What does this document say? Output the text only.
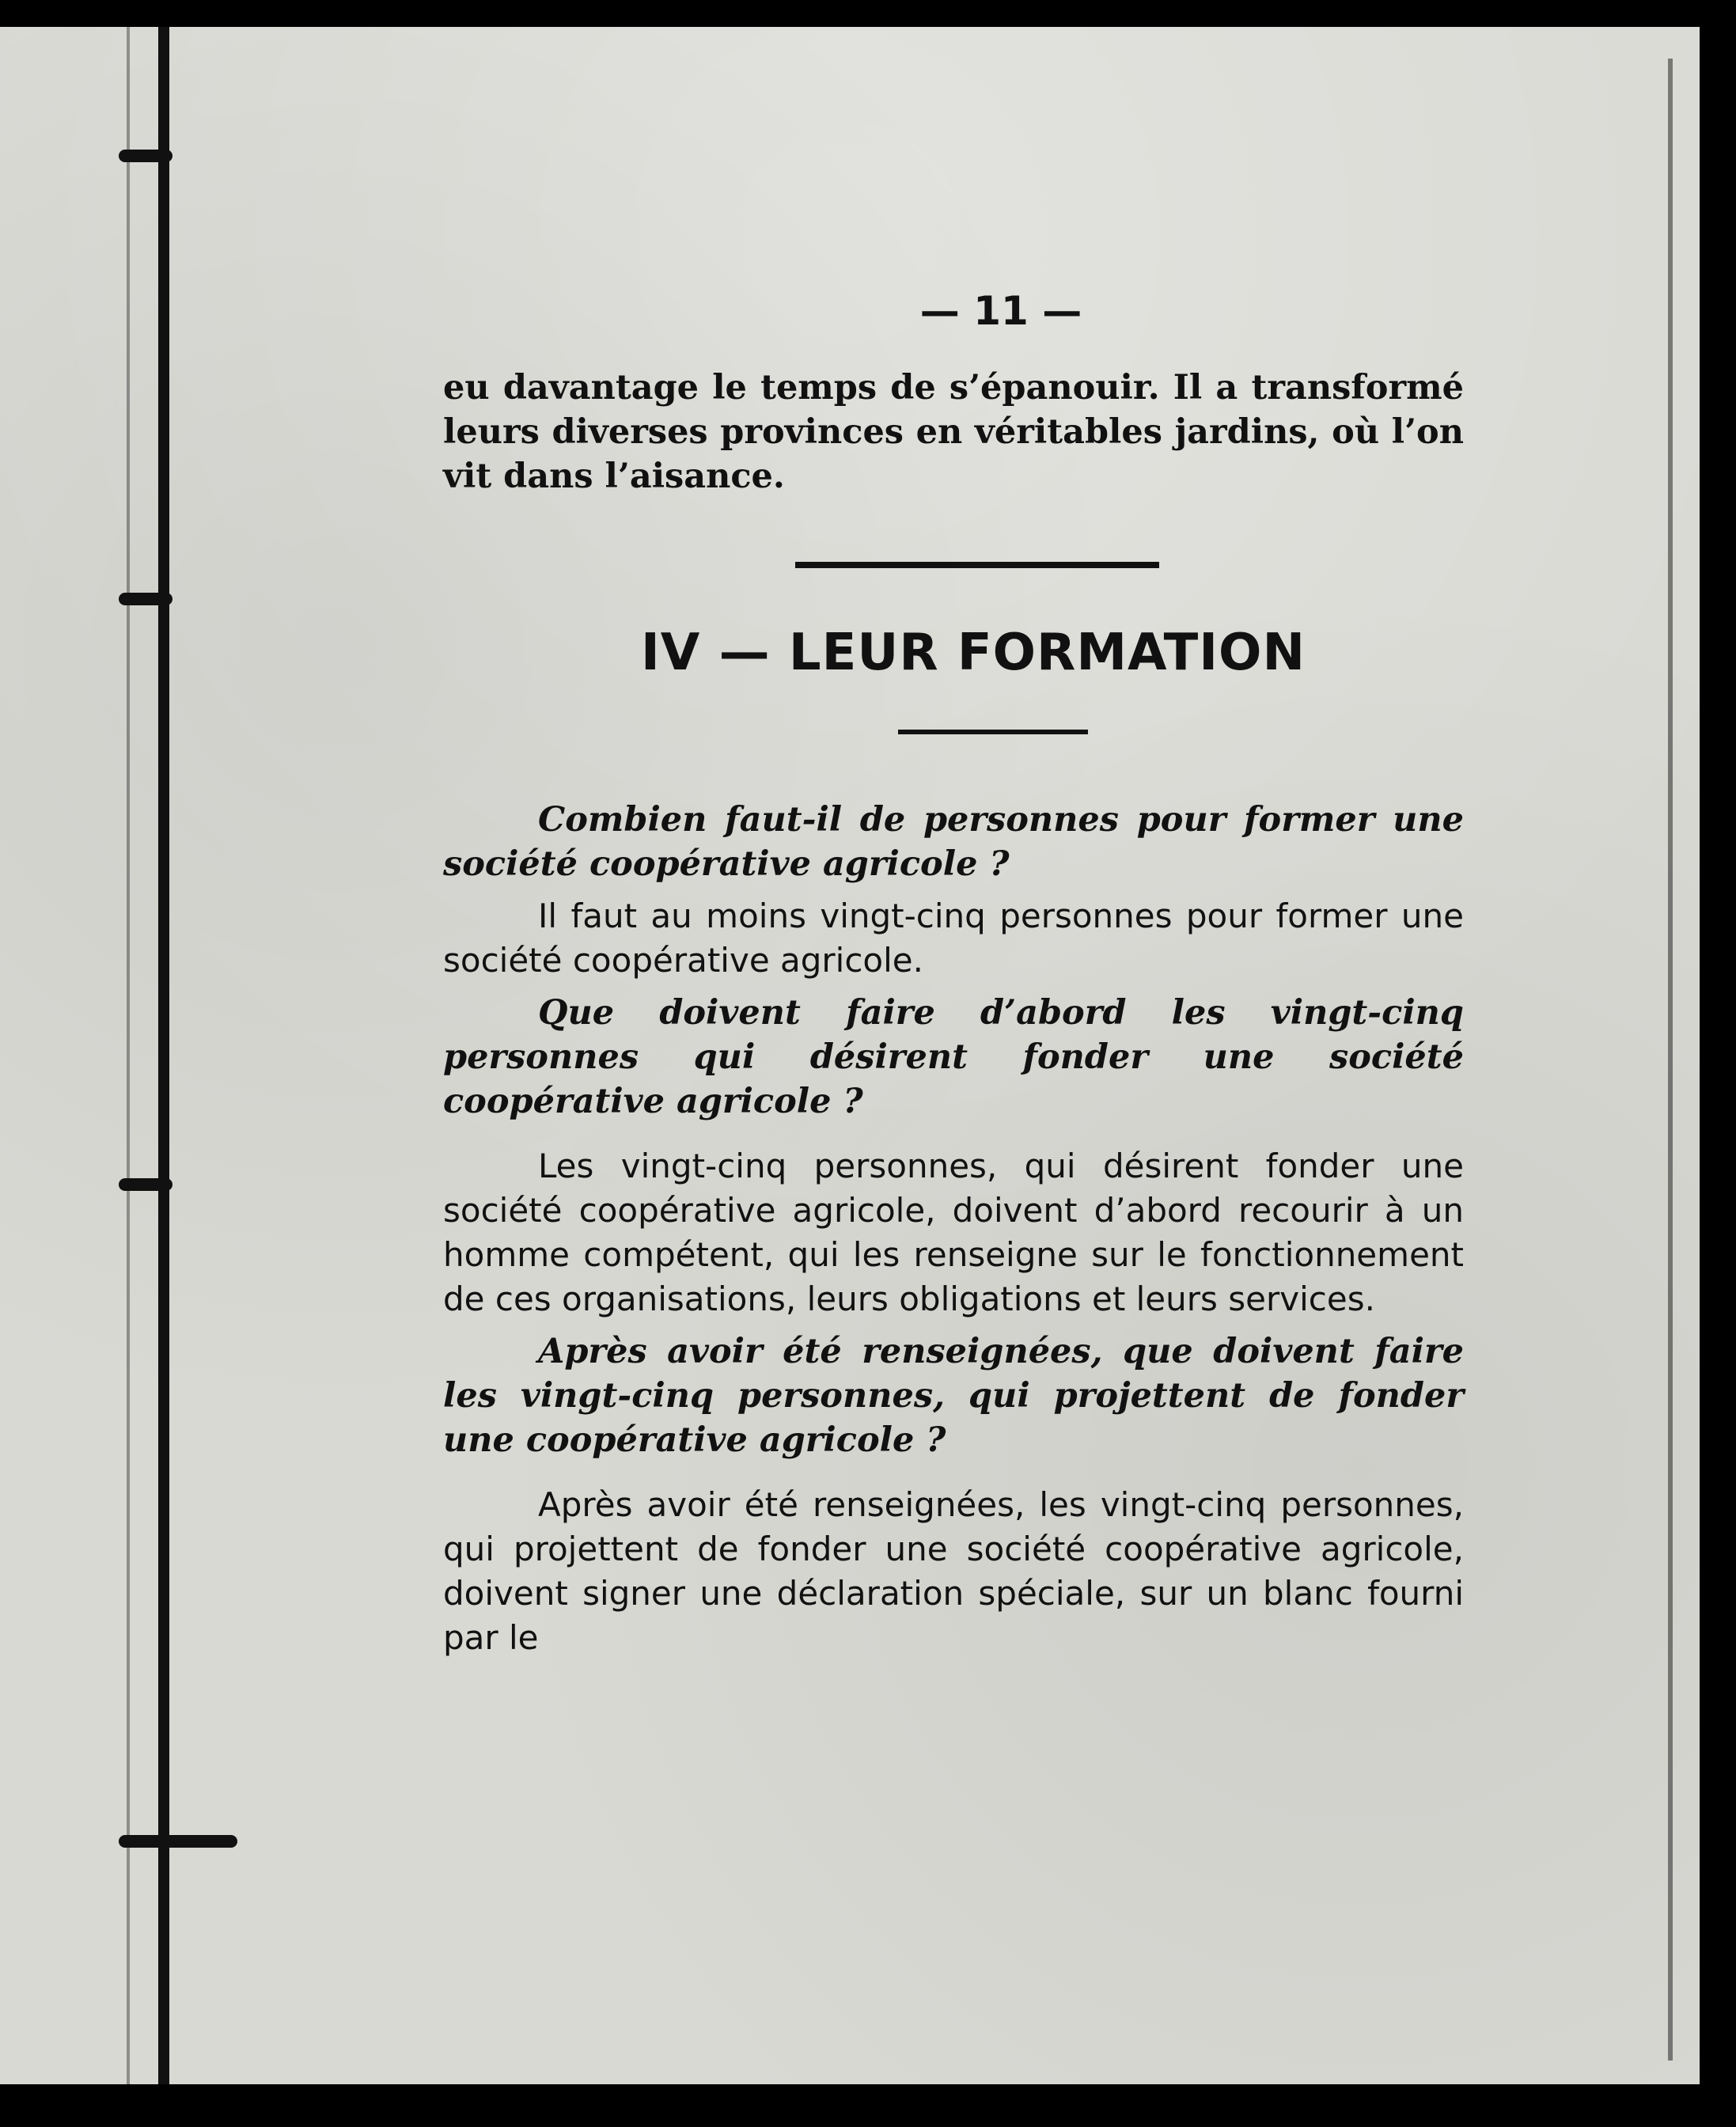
— 11 —

eu davantage le temps de s’épanouir. Il a transformé leurs diverses provinces en véritables jardins, où l’on vit dans l’aisance.

IV — LEUR FORMATION

Combien faut-il de personnes pour former une société coopérative agricole ?

Il faut au moins vingt-cinq personnes pour former une société coopérative agricole.

Que doivent faire d’abord les vingt-cinq personnes qui désirent fonder une société coopérative agricole ?

Les vingt-cinq personnes, qui désirent fonder une société coopérative agricole, doivent d’abord recourir à un homme compétent, qui les renseigne sur le fonctionnement de ces organisations, leurs obligations et leurs services.

Après avoir été renseignées, que doivent faire les vingt-cinq personnes, qui projettent de fonder une coopérative agricole ?

Après avoir été renseignées, les vingt-cinq personnes, qui projettent de fonder une société coopérative agricole, doivent signer une déclaration spéciale, sur un blanc fourni par le
